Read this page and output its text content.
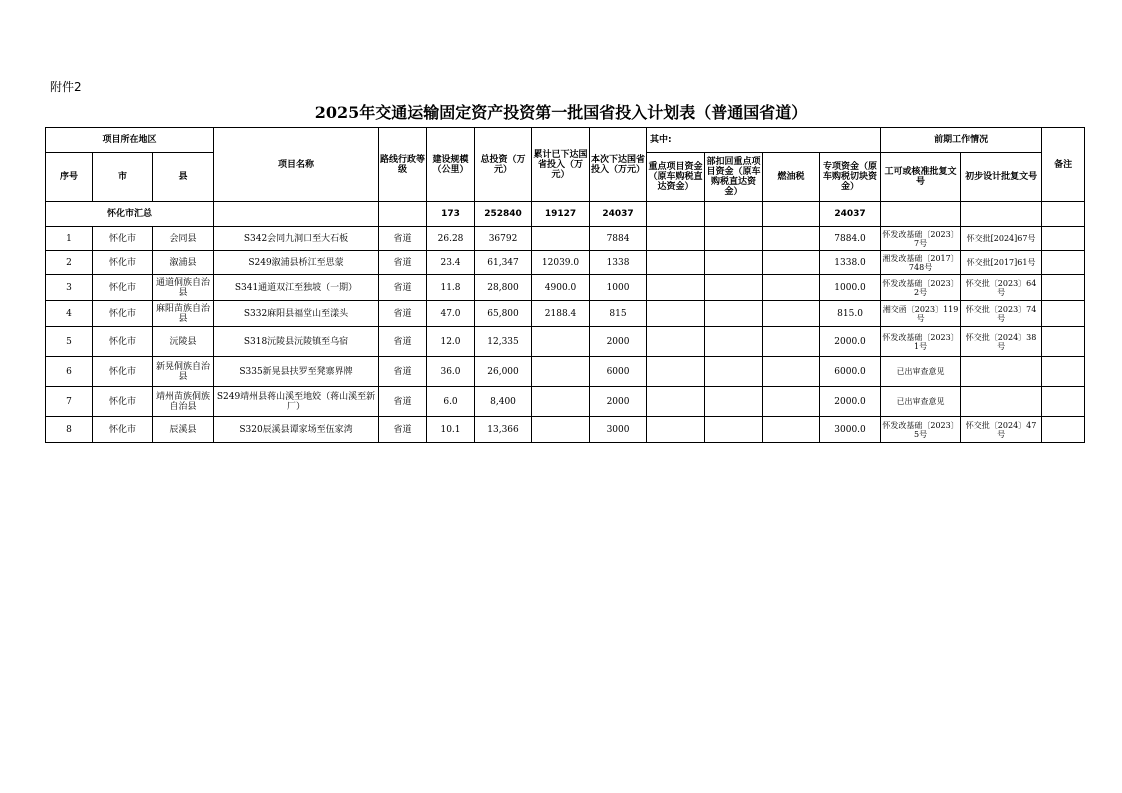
附件2
2025年交通运输固定资产投资第一批国省投入计划表（普通国省道）
项目所在地区			项目名称	路线行政等级	建设规模（公里）	总投资（万元）	累计已下达国省投入（万元）	本次下达国省投入（万元）	其中:				前期工作情况		备注
序号	市	县							重点项目资金（原车购税直达资金）	部扣回重点项目资金（原车购税直达资金）	燃油税	专项资金（原车购税切块资金）	工可或核准批复文号	初步设计批复文号	
怀化市汇总					173	252840	19127	24037				24037			
1	怀化市	会同县	S342会同九洞口至大石板	省道	26.28	36792		7884				7884.0	怀发改基础〔2023〕7号	怀交批[2024]67号	
2	怀化市	溆浦县	S249溆浦县桥江至思蒙	省道	23.4	61,347	12039.0	1338				1338.0	湘发改基础〔2017〕748号	怀交批[2017]61号	
3	怀化市	通道侗族自治县	S341通道双江至独坡（一期）	省道	11.8	28,800	4900.0	1000				1000.0	怀发改基础〔2023〕2号	怀交批〔2023〕64号	
4	怀化市	麻阳苗族自治县	S332麻阳县福堂山至漾头	省道	47.0	65,800	2188.4	815				815.0	湘交函〔2023〕119号	怀交批〔2023〕74号	
5	怀化市	沅陵县	S318沅陵县沅陵镇至乌宿	省道	12.0	12,335		2000				2000.0	怀发改基础〔2023〕1号	怀交批〔2024〕38号	
6	怀化市	新晃侗族自治县	S335新晃县扶罗至凳寨界牌	省道	36.0	26,000		6000				6000.0	已出审查意见		
7	怀化市	靖州苗族侗族自治县	S249靖州县蒋山溪至地姣（蒋山溪至新厂）	省道	6.0	8,400		2000				2000.0	已出审查意见		
8	怀化市	辰溪县	S320辰溪县谭家场至伍家湾	省道	10.1	13,366		3000				3000.0	怀发改基础〔2023〕5号	怀交批〔2024〕47号	
